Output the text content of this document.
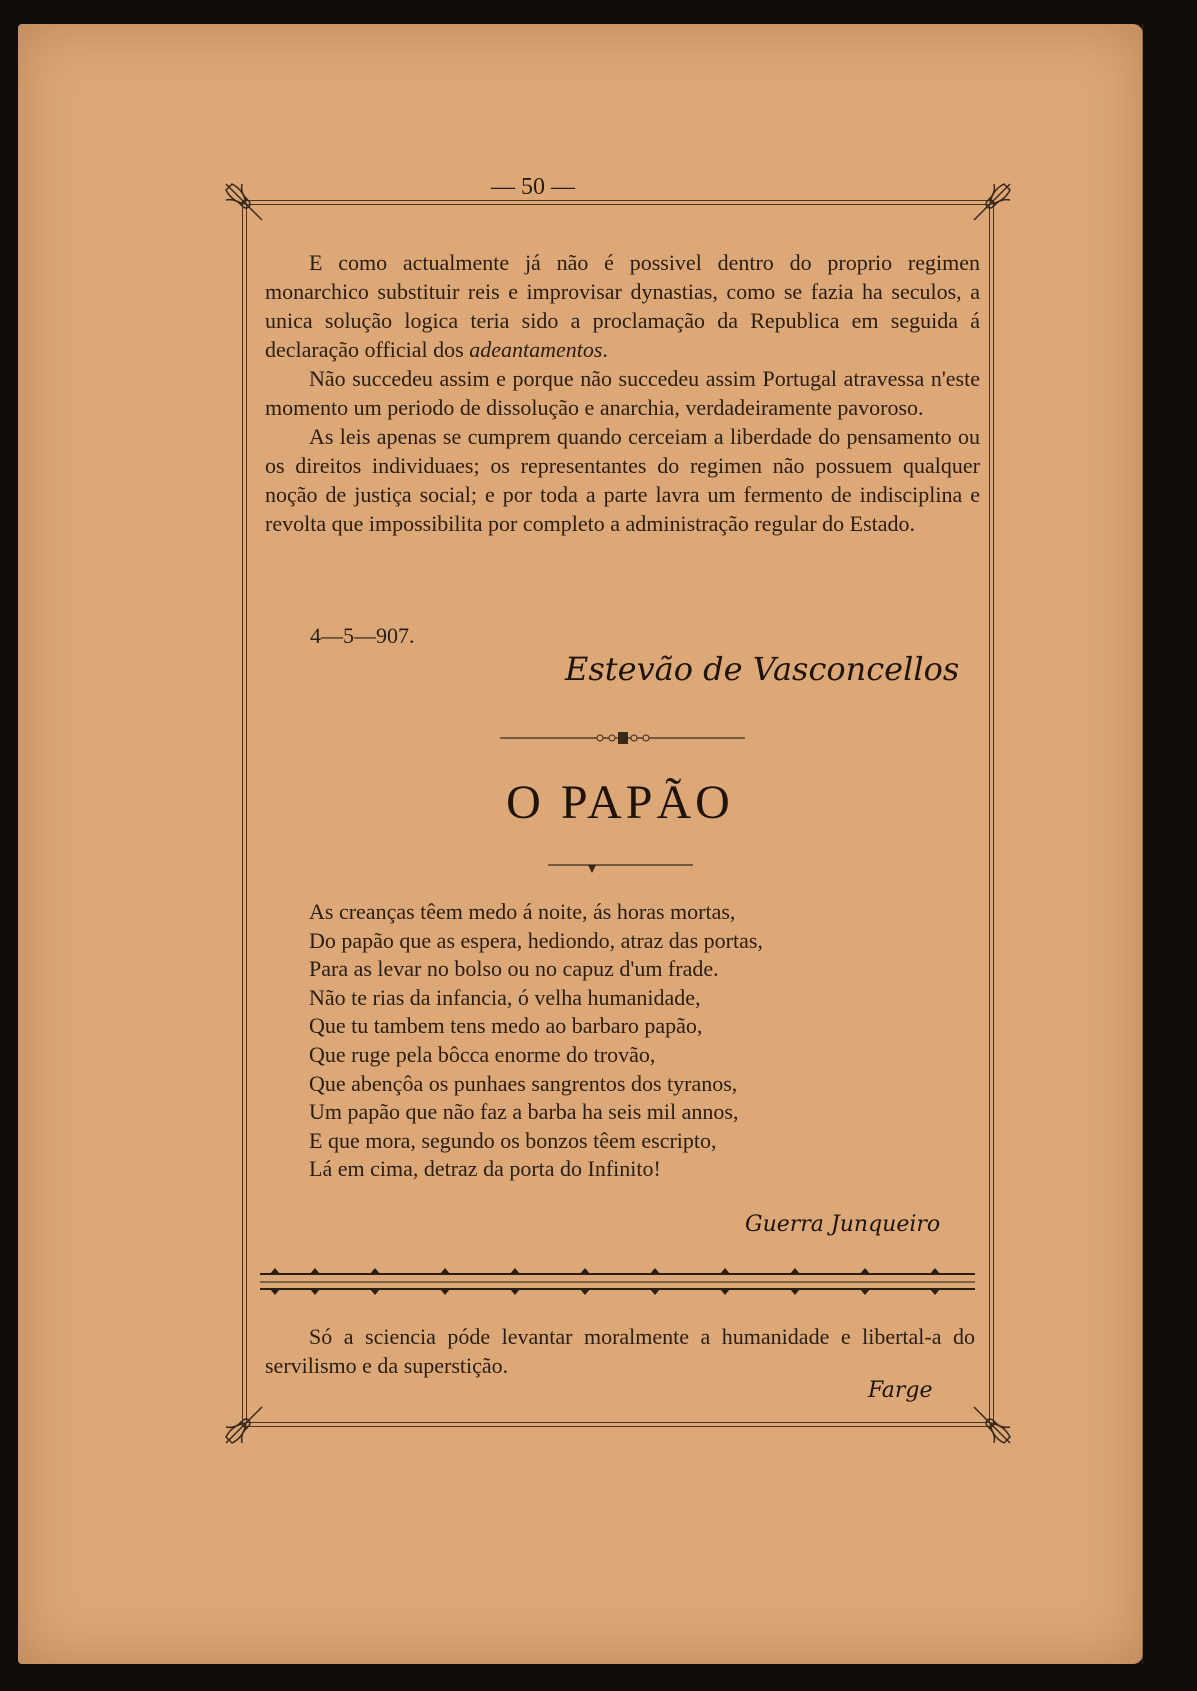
— 50 —

E como actualmente já não é possivel dentro do proprio regimen monarchico substituir reis e improvisar dynastias, como se fazia ha seculos, a unica solução logica teria sido a proclamação da Republica em seguida á declaração official dos adeantamentos.

Não succedeu assim e porque não succedeu assim Portugal atravessa n'este momento um periodo de dissolução e anarchia, verdadeiramente pavoroso.

As leis apenas se cumprem quando cerceiam a liberdade do pensamento ou os direitos individuaes; os representantes do regimen não possuem qualquer noção de justiça social; e por toda a parte lavra um fermento de indisciplina e revolta que impossibilita por completo a administração regular do Estado.

4—5—907.
Estevão de Vasconcellos
O PAPÃO
As creanças têem medo á noite, ás horas mortas,
Do papão que as espera, hediondo, atraz das portas,
Para as levar no bolso ou no capuz d'um frade.
Não te rias da infancia, ó velha humanidade,
Que tu tambem tens medo ao barbaro papão,
Que ruge pela bôcca enorme do trovão,
Que abençôa os punhaes sangrentos dos tyranos,
Um papão que não faz a barba ha seis mil annos,
E que mora, segundo os bonzos têem escripto,
Lá em cima, detraz da porta do Infinito!
Guerra Junqueiro

Só a sciencia póde levantar moralmente a humanidade e libertal-a do servilismo e da superstição.

Farge
